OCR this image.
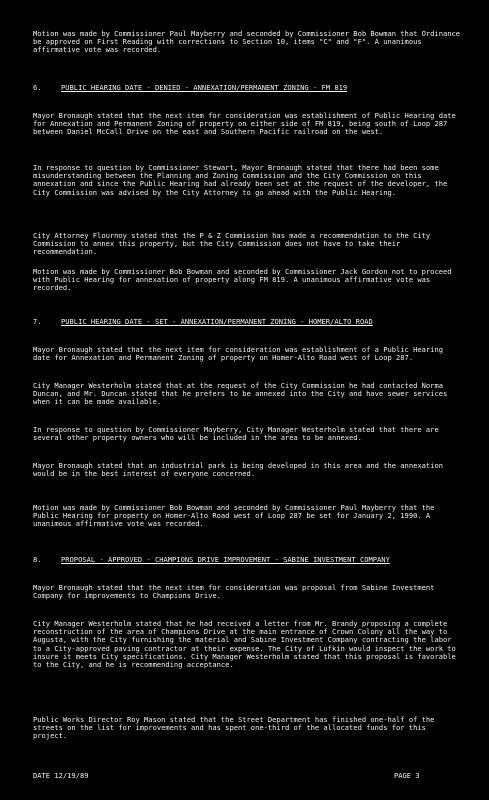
Motion was made by Commissioner Paul Mayberry and seconded by Commissioner Bob Bowman that Ordinance be approved on First Reading with corrections to Section 10, items "C" and "F". A unanimous affirmative vote was recorded.
6.	PUBLIC HEARING DATE - DENIED - ANNEXATION/PERMANENT ZONING - FM 819
Mayor Bronaugh stated that the next item for consideration was establishment of Public Hearing date for Annexation and Permanent Zoning of property on either side of FM 819, being south of Loop 287 between Daniel McCall Drive on the east and Southern Pacific railroad on the west.
In response to question by Commissioner Stewart, Mayor Bronaugh stated that there had been some misunderstanding between the Planning and Zoning Commission and the City Commission on this annexation and since the Public Hearing had already been set at the request of the developer, the City Commission was advised by the City Attorney to go ahead with the Public Hearing.
City Attorney Flournoy stated that the P & Z Commission has made a recommendation to the City Commission to annex this property, but the City Commission does not have to take their recommendation.
Motion was made by Commissioner Bob Bowman and seconded by Commissioner Jack Gordon not to proceed with Public Hearing for annexation of property along FM 819. A unanimous affirmative vote was recorded.
7.	PUBLIC HEARING DATE - SET - ANNEXATION/PERMANENT ZONING - HOMER/ALTO ROAD
Mayor Bronaugh stated that the next item for consideration was establishment of a Public Hearing date for Annexation and Permanent Zoning of property on Homer-Alto Road west of Loop 287.
City Manager Westerholm stated that at the request of the City Commission he had contacted Norma Duncan, and Mr. Duncan stated that he prefers to be annexed into the City and have sewer services when it can be made available.
In response to question by Commissioner Mayberry, City Manager Westerholm stated that there are several other property owners who will be included in the area to be annexed.
Mayor Bronaugh stated that an industrial park is being developed in this area and the annexation would be in the best interest of everyone concerned.
Motion was made by Commissioner Bob Bowman and seconded by Commissioner Paul Mayberry that the Public Hearing for property on Homer-Alto Road west of Loop 287 be set for January 2, 1990. A unanimous affirmative vote was recorded.
8.	PROPOSAL - APPROVED - CHAMPIONS DRIVE IMPROVEMENT - SABINE INVESTMENT COMPANY
Mayor Bronaugh stated that the next item for consideration was proposal from Sabine Investment Company for improvements to Champions Drive.
City Manager Westerholm stated that he had received a letter from Mr. Brandy proposing a complete reconstruction of the area of Champions Drive at the main entrance of Crown Colony all the way to Augusta, with the City furnishing the material and Sabine Investment Company contracting the labor to a City-approved paving contractor at their expense. The City of Lufkin would inspect the work to insure it meets City specifications. City Manager Westerholm stated that this proposal is favorable to the City, and he is recommending acceptance.
Public Works Director Roy Mason stated that the Street Department has finished one-half of the streets on the list for improvements and has spent one-third of the allocated funds for this project.
DATE 12/19/89	PAGE 3
